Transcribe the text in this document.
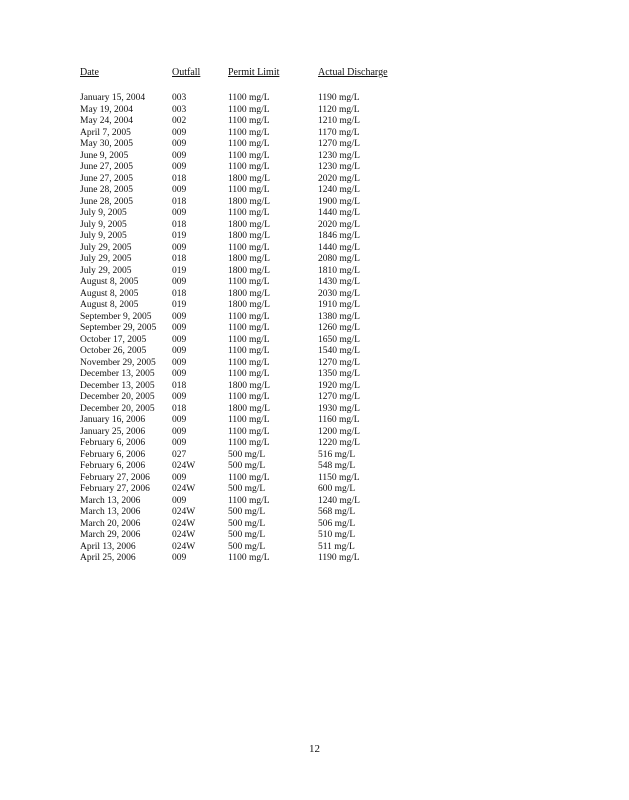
Date	Outfall	Permit Limit	Actual Discharge
January 15, 2004	003	1100 mg/L	1190 mg/L
May 19, 2004	003	1100 mg/L	1120 mg/L
May 24, 2004	002	1100 mg/L	1210 mg/L
April 7, 2005	009	1100 mg/L	1170 mg/L
May 30, 2005	009	1100 mg/L	1270 mg/L
June 9, 2005	009	1100 mg/L	1230 mg/L
June 27, 2005	009	1100 mg/L	1230 mg/L
June 27, 2005	018	1800 mg/L	2020 mg/L
June 28, 2005	009	1100 mg/L	1240 mg/L
June 28, 2005	018	1800 mg/L	1900 mg/L
July 9, 2005	009	1100 mg/L	1440 mg/L
July 9, 2005	018	1800 mg/L	2020 mg/L
July 9, 2005	019	1800 mg/L	1846 mg/L
July 29, 2005	009	1100 mg/L	1440 mg/L
July 29, 2005	018	1800 mg/L	2080 mg/L
July 29, 2005	019	1800 mg/L	1810 mg/L
August 8, 2005	009	1100 mg/L	1430 mg/L
August 8, 2005	018	1800 mg/L	2030 mg/L
August 8, 2005	019	1800 mg/L	1910 mg/L
September 9, 2005	009	1100 mg/L	1380 mg/L
September 29, 2005	009	1100 mg/L	1260 mg/L
October 17, 2005	009	1100 mg/L	1650 mg/L
October 26, 2005	009	1100 mg/L	1540 mg/L
November 29, 2005	009	1100 mg/L	1270 mg/L
December 13, 2005	009	1100 mg/L	1350 mg/L
December 13, 2005	018	1800 mg/L	1920 mg/L
December 20, 2005	009	1100 mg/L	1270 mg/L
December 20, 2005	018	1800 mg/L	1930 mg/L
January 16, 2006	009	1100 mg/L	1160 mg/L
January 25, 2006	009	1100 mg/L	1200 mg/L
February 6, 2006	009	1100 mg/L	1220 mg/L
February 6, 2006	027	500 mg/L	516 mg/L
February 6, 2006	024W	500 mg/L	548 mg/L
February 27, 2006	009	1100 mg/L	1150 mg/L
February 27, 2006	024W	500 mg/L	600 mg/L
March 13, 2006	009	1100 mg/L	1240 mg/L
March 13, 2006	024W	500 mg/L	568 mg/L
March 20, 2006	024W	500 mg/L	506 mg/L
March 29, 2006	024W	500 mg/L	510 mg/L
April 13, 2006	024W	500 mg/L	511 mg/L
April 25, 2006	009	1100 mg/L	1190 mg/L
12
